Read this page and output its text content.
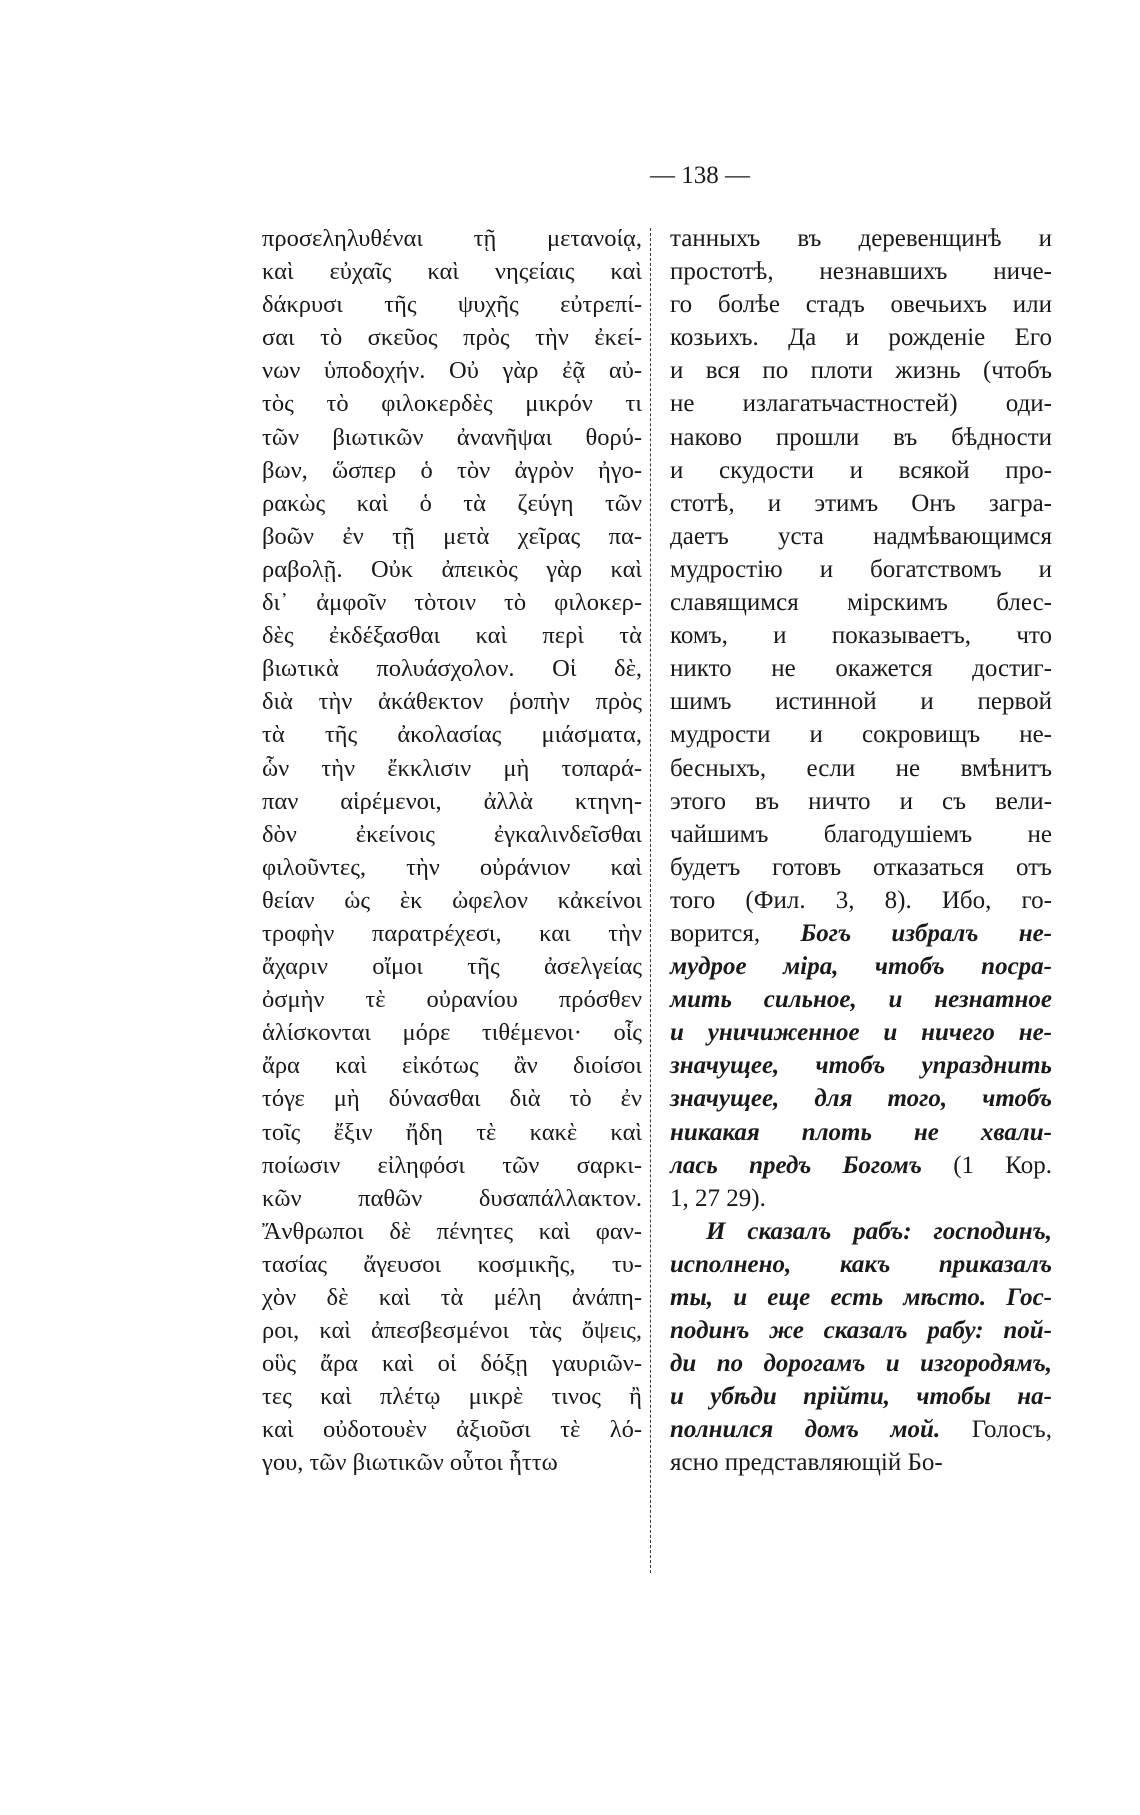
— 138 —
προσεληλυθέναι τῇ μετανοίᾳ,
καὶ εὐχαῖς καὶ νηςείαις καὶ
δάκρυσι τῆς ψυχῆς εὐτρεπί-
σαι τὸ σκεῦος πρὸς τὴν ἐκεί-
νων ὑποδοχήν. Οὐ γὰρ ἐᾷ αὐ-
τὸς τὸ φιλοκερδὲς μικρόν τι
τῶν βιωτικῶν ἀνανῆψαι θορύ-
βων, ὥσπερ ὁ τὸν ἀγρὸν ἠγο-
ρακὼς καὶ ὁ τὰ ζεύγη τῶν
βοῶν ἐν τῇ μετὰ χεῖρας πα-
ραβολῇ. Οὐκ ἀπεικὸς γὰρ καὶ
δι᾽ ἀμφοῖν τὸτοιν τὸ φιλοκερ-
δὲς ἐκδέξασθαι καὶ περὶ τὰ
βιωτικὰ πολυάσχολον. Οἱ δὲ,
διὰ τὴν ἀκάθεκτον ῥοπὴν πρὸς
τὰ τῆς ἀκολασίας μιάσματα,
ὧν τὴν ἔκκλισιν μὴ τοπαρά-
παν αἱρέμενοι, ἀλλὰ κτηνη-
δὸν ἐκείνοις ἐγκαλινδεῖσθαι
φιλοῦντες, τὴν οὐράνιον καὶ
θείαν ὡς ὲκ ὠφελον κἀκείνοι
τροφὴν παρατρέχεσι, και τὴν
ἄχαριν οἴμοι τῆς ἀσελγείας
ὀσμὴν τὲ οὐρανίου πρόσθεν
ἁλίσκονται μόρε τιθέμενοι· οἷς
ἄρα καὶ εἰκότως ἂν διοίσοι
τόγε μὴ δύνασθαι διὰ τὸ ἐν
τοῖς ἔξιν ἤδη τὲ κακὲ καὶ
ποίωσιν εἰληφόσι τῶν σαρκι-
κῶν παθῶν δυσαπάλλακτον.
Ἄνθρωποι δὲ πένητες καὶ φαν-
τασίας ἄγευσοι κοσμικῆς, τυ-
χὸν δὲ καὶ τὰ μέλη ἀνάπη-
ροι, καὶ ἀπεσβεσμένοι τὰς ὄψεις,
οὓς ἄρα καὶ οἱ δόξῃ γαυριῶν-
τες καὶ πλέτῳ μικρὲ τινος ἢ
καὶ οὐδοτουὲν ἀξιοῦσι τὲ λό-
γου, τῶν βιωτικῶν οὗτοι ἧττω
танныхъ въ деревенщинѣ и
простотѣ, незнавшихъ ниче-
го болѣе стадъ овечьихъ или
козьихъ. Да и рожденіе Его
и вся по плоти жизнь (чтобъ
не излагатьчастностей) оди-
наково прошли въ бѣдности
и скудости и всякой про-
стотѣ, и этимъ Онъ загра-
даетъ уста надмѣвающимся
мудростію и богатствомъ и
славящимся мірскимъ блес-
комъ, и показываетъ, что
никто не окажется достиг-
шимъ истинной и первой
мудрости и сокровищъ не-
бесныхъ, если не вмѣнитъ
этого въ ничто и съ вели-
чайшимъ благодушіемъ не
будетъ готовъ отказаться отъ
того (Фил. 3, 8). Ибо, го-
ворится, Богъ избралъ не-
мудрое міра, чтобъ посра-
мить сильное, и незнатное
и уничиженное и ничего не-
значущее, чтобъ упразднить
значущее, для того, чтобъ
никакая плоть не хвали-
лась предъ Богомъ (1 Кор.
1, 27 29).
И сказалъ рабъ: господинъ,
исполнено, какъ приказалъ
ты, и еще есть мѣсто. Гос-
подинъ же сказалъ рабу: пой-
ди по дорогамъ и изгородямъ,
и убѣди прійти, чтобы на-
полнился домъ мой. Голосъ,
ясно представляющій Бо-
